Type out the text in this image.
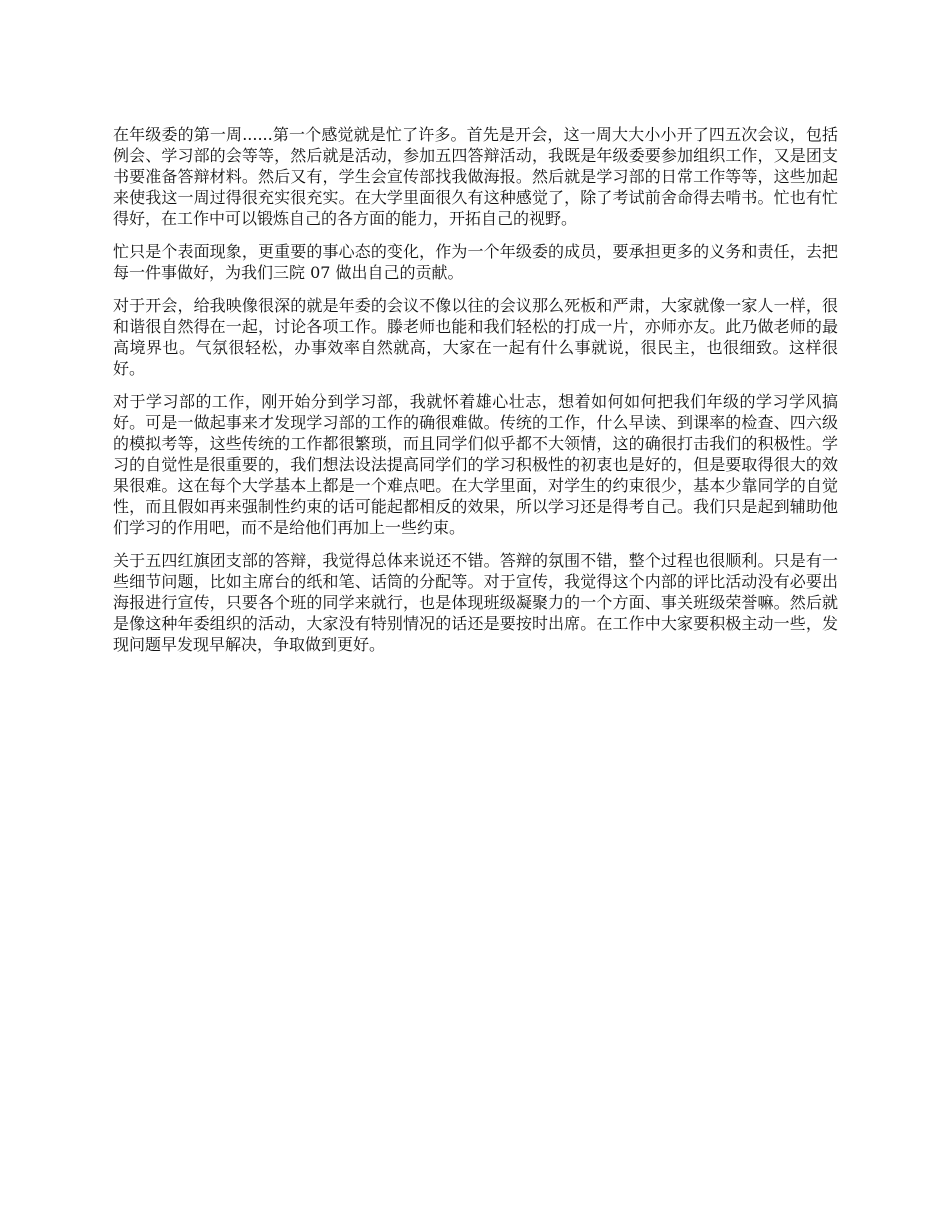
在年级委的第一周......第一个感觉就是忙了许多。首先是开会，这一周大大小小开了四五次会议，包括例会、学习部的会等等，然后就是活动，参加五四答辩活动，我既是年级委要参加组织工作，又是团支书要准备答辩材料。然后又有，学生会宣传部找我做海报。然后就是学习部的日常工作等等，这些加起来使我这一周过得很充实很充实。在大学里面很久有这种感觉了，除了考试前舍命得去啃书。忙也有忙得好，在工作中可以锻炼自己的各方面的能力，开拓自己的视野。

忙只是个表面现象，更重要的事心态的变化，作为一个年级委的成员，要承担更多的义务和责任，去把每一件事做好，为我们三院 07 做出自己的贡献。

对于开会，给我映像很深的就是年委的会议不像以往的会议那么死板和严肃，大家就像一家人一样，很和谐很自然得在一起，讨论各项工作。滕老师也能和我们轻松的打成一片，亦师亦友。此乃做老师的最高境界也。气氛很轻松，办事效率自然就高，大家在一起有什么事就说，很民主，也很细致。这样很好。

对于学习部的工作，刚开始分到学习部，我就怀着雄心壮志，想着如何如何把我们年级的学习学风搞好。可是一做起事来才发现学习部的工作的确很难做。传统的工作，什么早读、到课率的检查、四六级的模拟考等，这些传统的工作都很繁琐，而且同学们似乎都不大领情，这的确很打击我们的积极性。学习的自觉性是很重要的，我们想法设法提高同学们的学习积极性的初衷也是好的，但是要取得很大的效果很难。这在每个大学基本上都是一个难点吧。在大学里面，对学生的约束很少，基本少靠同学的自觉性，而且假如再来强制性约束的话可能起都相反的效果，所以学习还是得考自己。我们只是起到辅助他们学习的作用吧，而不是给他们再加上一些约束。

关于五四红旗团支部的答辩，我觉得总体来说还不错。答辩的氛围不错，整个过程也很顺利。只是有一些细节问题，比如主席台的纸和笔、话筒的分配等。对于宣传，我觉得这个内部的评比活动没有必要出海报进行宣传，只要各个班的同学来就行，也是体现班级凝聚力的一个方面、事关班级荣誉嘛。然后就是像这种年委组织的活动，大家没有特别情况的话还是要按时出席。在工作中大家要积极主动一些，发现问题早发现早解决，争取做到更好。
